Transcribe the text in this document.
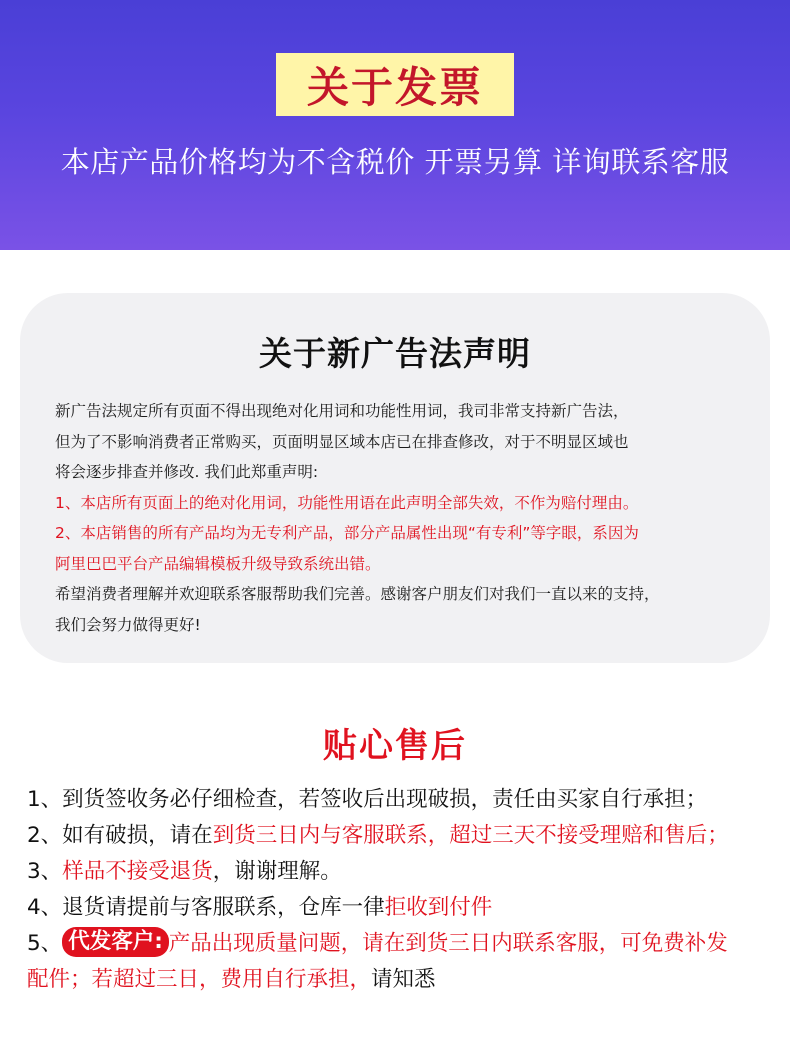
关于发票
本店产品价格均为不含税价 开票另算 详询联系客服
关于新广告法声明
新广告法规定所有页面不得出现绝对化用词和功能性用词，我司非常支持新广告法，
但为了不影响消费者正常购买，页面明显区域本店已在排查修改，对于不明显区域也
将会逐步排查并修改. 我们此郑重声明:
1、本店所有页面上的绝对化用词，功能性用语在此声明全部失效，不作为赔付理由。
2、本店销售的所有产品均为无专利产品，部分产品属性出现“有专利”等字眼，系因为
阿里巴巴平台产品编辑模板升级导致系统出错。
希望消费者理解并欢迎联系客服帮助我们完善。感谢客户朋友们对我们一直以来的支持，
我们会努力做得更好!
贴心售后
1、到货签收务必仔细检查，若签收后出现破损，责任由买家自行承担；
2、如有破损，请在到货三日内与客服联系，超过三天不接受理赔和售后；
3、样品不接受退货，谢谢理解。
4、退货请提前与客服联系，仓库一律拒收到付件
5、 代发客户: 产品出现质量问题，请在到货三日内联系客服，可免费补发
配件；若超过三日，费用自行承担，请知悉
